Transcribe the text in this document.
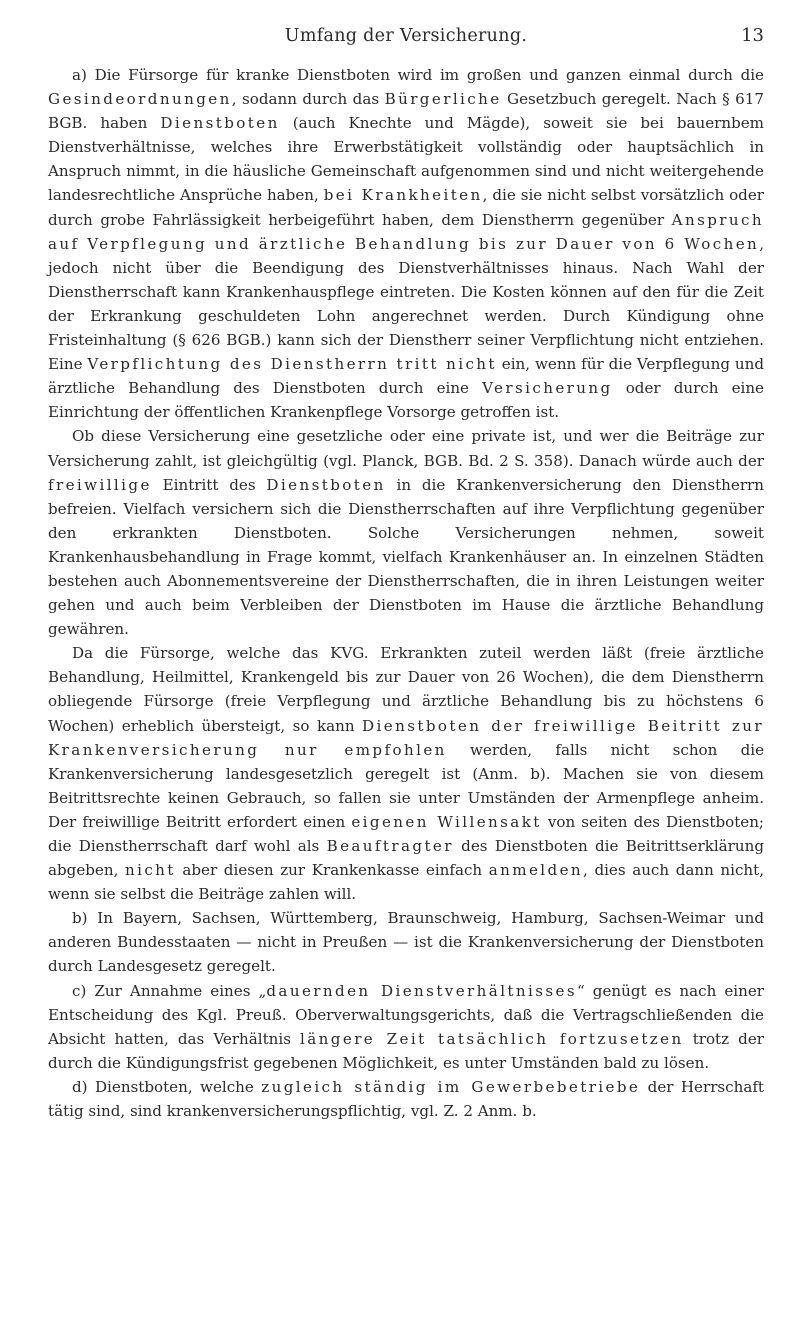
Umfang der Versicherung.	13

a) Die Fürsorge für kranke Dienstboten wird im großen und ganzen einmal durch die Gesindeordnungen, sodann durch das Bürgerliche Gesetzbuch geregelt. Nach § 617 BGB. haben Dienstboten (auch Knechte und Mägde), soweit sie bei bauernbem Dienstverhältnisse, welches ihre Erwerbstätigkeit vollständig oder hauptsächlich in Anspruch nimmt, in die häusliche Gemeinschaft aufgenommen sind und nicht weitergehende landesrechtliche Ansprüche haben, bei Krankheiten, die sie nicht selbst vorsätzlich oder durch grobe Fahrlässigkeit herbeigeführt haben, dem Dienstherrn gegenüber Anspruch auf Verpflegung und ärztliche Behandlung bis zur Dauer von 6 Wochen, jedoch nicht über die Beendigung des Dienstverhältnisses hinaus. Nach Wahl der Dienstherrschaft kann Krankenhauspflege eintreten. Die Kosten können auf den für die Zeit der Erkrankung geschuldeten Lohn angerechnet werden. Durch Kündigung ohne Fristeinhaltung (§ 626 BGB.) kann sich der Dienstherr seiner Verpflichtung nicht entziehen. Eine Verpflichtung des Dienstherrn tritt nicht ein, wenn für die Verpflegung und ärztliche Behandlung des Dienstboten durch eine Versicherung oder durch eine Einrichtung der öffentlichen Krankenpflege Vorsorge getroffen ist.

Ob diese Versicherung eine gesetzliche oder eine private ist, und wer die Beiträge zur Versicherung zahlt, ist gleichgültig (vgl. Planck, BGB. Bd. 2 S. 358). Danach würde auch der freiwillige Eintritt des Dienstboten in die Krankenversicherung den Dienstherrn befreien. Vielfach versichern sich die Dienstherrschaften auf ihre Verpflichtung gegenüber den erkrankten Dienstboten. Solche Versicherungen nehmen, soweit Krankenhausbehandlung in Frage kommt, vielfach Krankenhäuser an. In einzelnen Städten bestehen auch Abonnementsvereine der Dienstherrschaften, die in ihren Leistungen weiter gehen und auch beim Verbleiben der Dienstboten im Hause die ärztliche Behandlung gewähren.

Da die Fürsorge, welche das KVG. Erkrankten zuteil werden läßt (freie ärztliche Behandlung, Heilmittel, Krankengeld bis zur Dauer von 26 Wochen), die dem Dienstherrn obliegende Fürsorge (freie Verpflegung und ärztliche Behandlung bis zu höchstens 6 Wochen) erheblich übersteigt, so kann Dienstboten der freiwillige Beitritt zur Krankenversicherung nur empfohlen werden, falls nicht schon die Krankenversicherung landesgesetzlich geregelt ist (Anm. b). Machen sie von diesem Beitrittsrechte keinen Gebrauch, so fallen sie unter Umständen der Armenpflege anheim. Der freiwillige Beitritt erfordert einen eigenen Willensakt von seiten des Dienstboten; die Dienstherrschaft darf wohl als Beauftragter des Dienstboten die Beitrittserklärung abgeben, nicht aber diesen zur Krankenkasse einfach anmelden, dies auch dann nicht, wenn sie selbst die Beiträge zahlen will.

b) In Bayern, Sachsen, Württemberg, Braunschweig, Hamburg, Sachsen-Weimar und anderen Bundesstaaten — nicht in Preußen — ist die Krankenversicherung der Dienstboten durch Landesgesetz geregelt.

c) Zur Annahme eines „dauernden Dienstverhältnisses“ genügt es nach einer Entscheidung des Kgl. Preuß. Oberverwaltungsgerichts, daß die Vertragschließenden die Absicht hatten, das Verhältnis längere Zeit tatsächlich fortzusetzen trotz der durch die Kündigungsfrist gegebenen Möglichkeit, es unter Umständen bald zu lösen.

d) Dienstboten, welche zugleich ständig im Gewerbebetriebe der Herrschaft tätig sind, sind krankenversicherungspflichtig, vgl. Z. 2 Anm. b.
